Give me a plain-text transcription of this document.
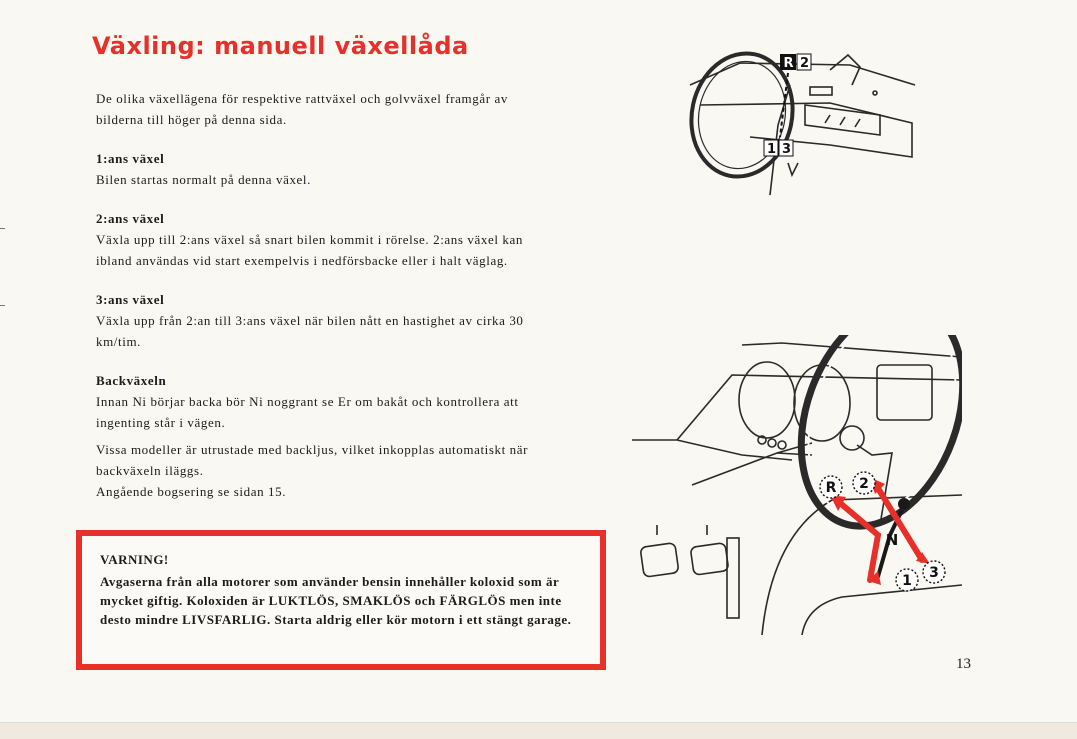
Växling: manuell växellåda

De olika växellägena för respektive rattväxel och golvväxel framgår av bilderna till höger på denna sida.

1:ans växel

Bilen startas normalt på denna växel.

2:ans växel

Växla upp till 2:ans växel så snart bilen kommit i rörelse. 2:ans växel kan ibland användas vid start exempelvis i nedförsbacke eller i halt väglag.

3:ans växel

Växla upp från 2:an till 3:ans växel när bilen nått en hastighet av cirka 30 km/tim.

Backväxeln

Innan Ni börjar backa bör Ni noggrant se Er om bakåt och kontrollera att ingenting står i vägen.

Vissa modeller är utrustade med backljus, vilket inkopplas automatiskt när backväxeln iläggs.

Angående bogsering se sidan 15.

VARNING!

Avgaserna från alla motorer som använder bensin innehåller koloxid som är mycket giftig. Koloxiden är LUKTLÖS, SMAKLÖS och FÄRGLÖS men inte desto mindre LIVSFARLIG. Starta aldrig eller kör motorn i ett stängt garage.

R 2
1 3
R 2
N
1 3
13
